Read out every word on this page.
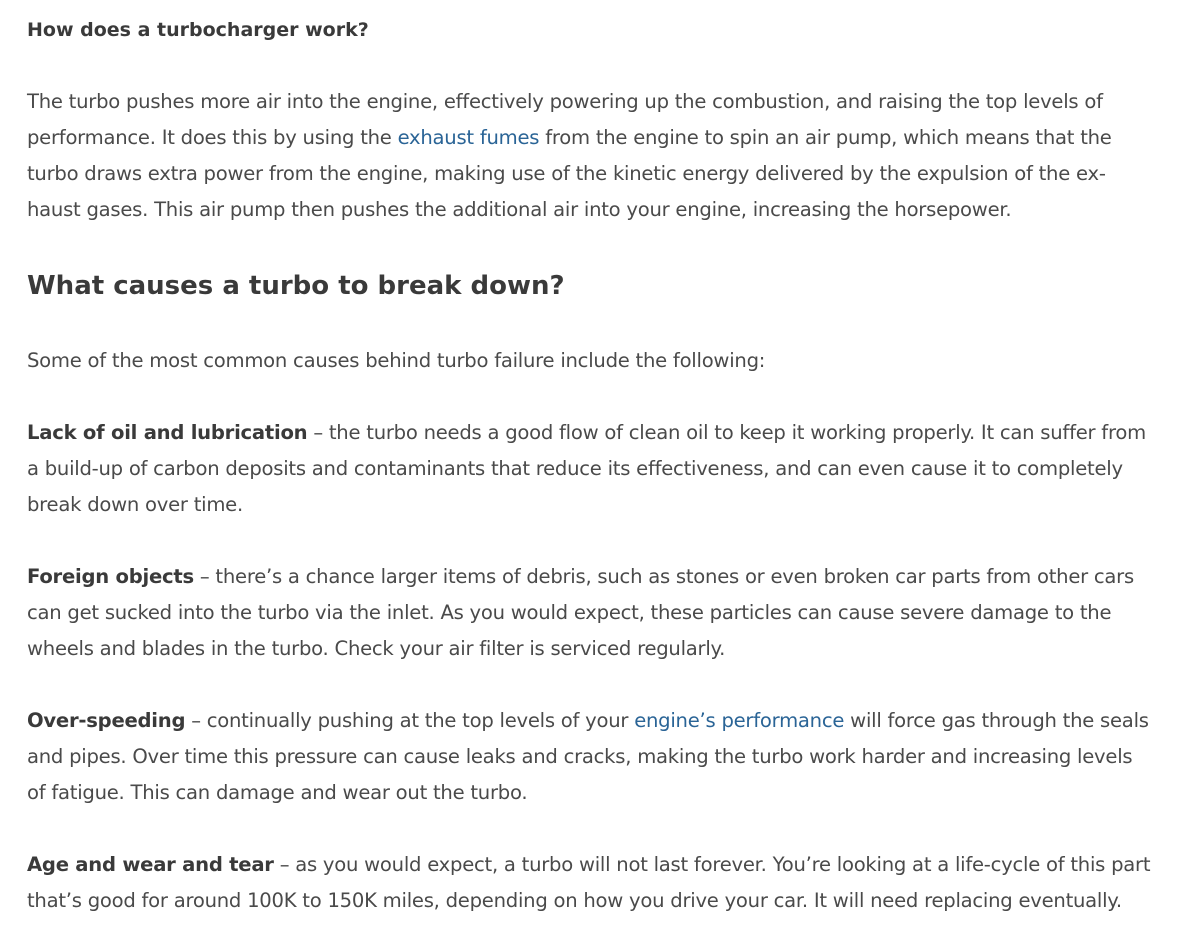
How does a turbocharger work?

The turbo pushes more air into the engine, effectively powering up the combustion, and raising the top levels of performance. It does this by using the exhaust fumes from the engine to spin an air pump, which means that the turbo draws extra power from the engine, making use of the kinetic energy delivered by the expulsion of the exhaust gases. This air pump then pushes the additional air into your engine, increasing the horsepower.

What causes a turbo to break down?

Some of the most common causes behind turbo failure include the following:

Lack of oil and lubrication – the turbo needs a good flow of clean oil to keep it working properly. It can suffer from a build-up of carbon deposits and contaminants that reduce its effectiveness, and can even cause it to completely break down over time.

Foreign objects – there’s a chance larger items of debris, such as stones or even broken car parts from other cars can get sucked into the turbo via the inlet. As you would expect, these particles can cause severe damage to the wheels and blades in the turbo. Check your air filter is serviced regularly.

Over-speeding – continually pushing at the top levels of your engine’s performance will force gas through the seals and pipes. Over time this pressure can cause leaks and cracks, making the turbo work harder and increasing levels of fatigue. This can damage and wear out the turbo.

Age and wear and tear – as you would expect, a turbo will not last forever. You’re looking at a life-cycle of this part that’s good for around 100K to 150K miles, depending on how you drive your car. It will need replacing eventually.
